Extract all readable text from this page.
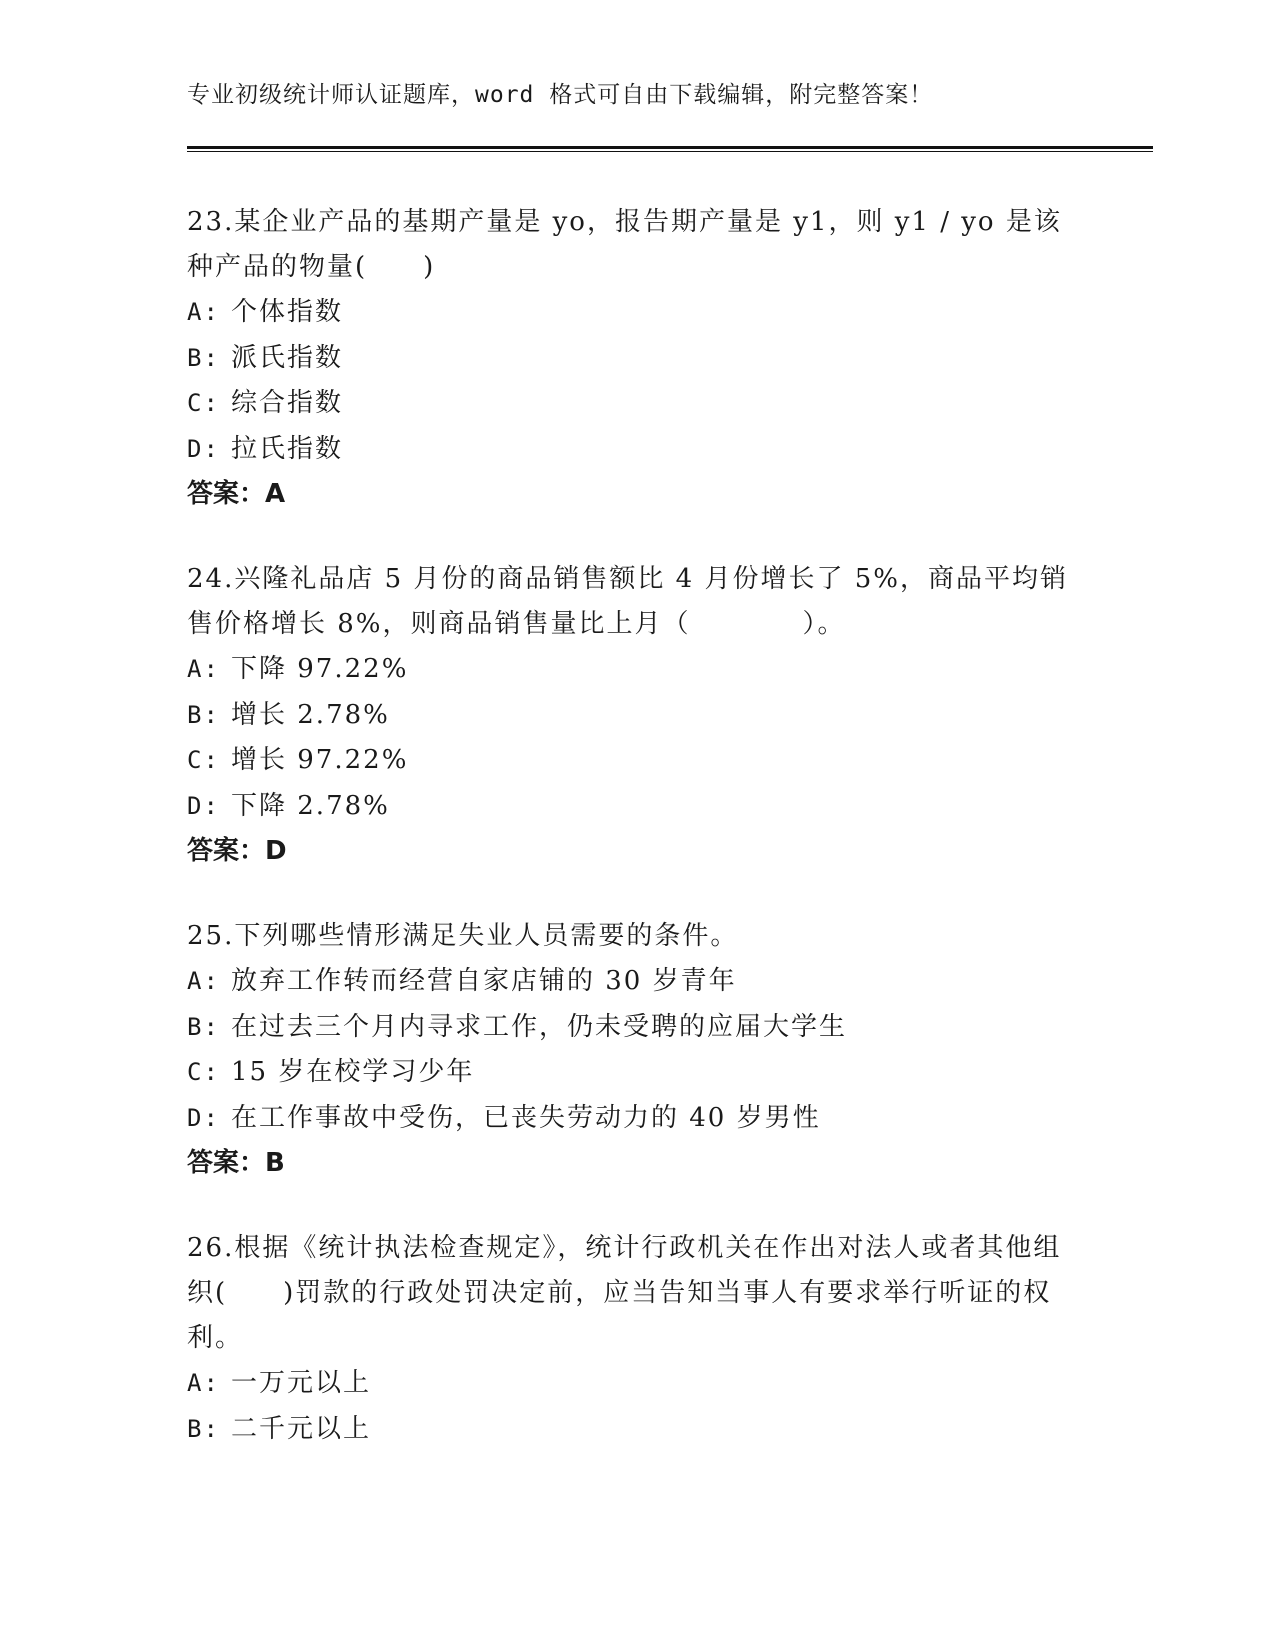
专业初级统计师认证题库，word 格式可自由下载编辑，附完整答案！

23.某企业产品的基期产量是 yo，报告期产量是 y1，则 y1 / yo 是该种产品的物量(　　)

A: 个体指数
B: 派氏指数
C: 综合指数
D: 拉氏指数

答案：A

24.兴隆礼品店 5 月份的商品销售额比 4 月份增长了 5%，商品平均销售价格增长 8%，则商品销售量比上月（　　　　）。

A: 下降 97.22%
B: 增长 2.78%
C: 增长 97.22%
D: 下降 2.78%

答案：D

25.下列哪些情形满足失业人员需要的条件。

A: 放弃工作转而经营自家店铺的 30 岁青年
B: 在过去三个月内寻求工作，仍未受聘的应届大学生
C: 15 岁在校学习少年
D: 在工作事故中受伤，已丧失劳动力的 40 岁男性

答案：B

26.根据《统计执法检查规定》，统计行政机关在作出对法人或者其他组织(　　)罚款的行政处罚决定前，应当告知当事人有要求举行听证的权利。

A: 一万元以上
B: 二千元以上
